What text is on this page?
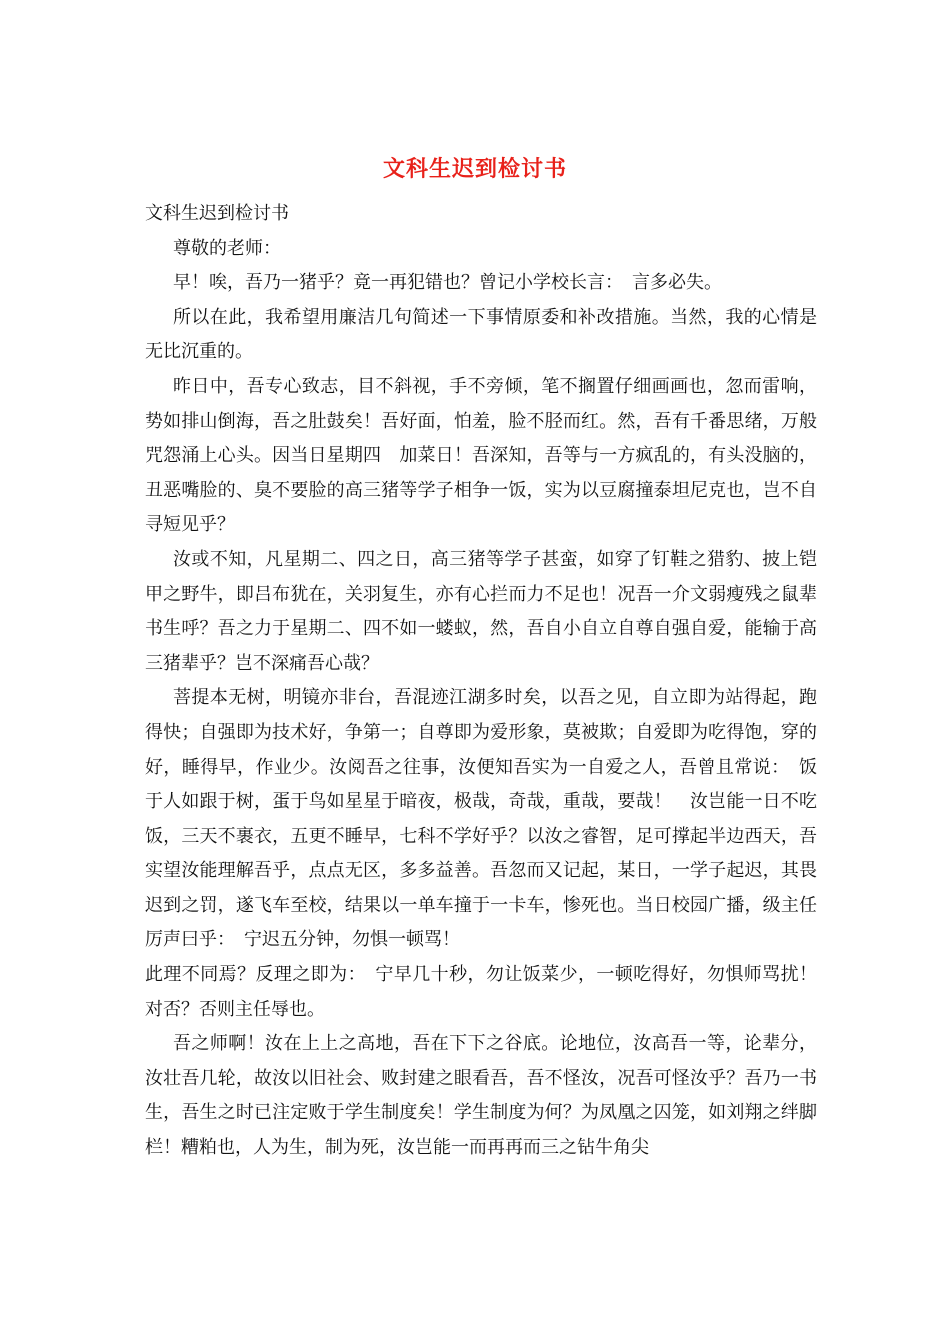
文科生迟到检讨书

文科生迟到检讨书

尊敬的老师：

早！唉，吾乃一猪乎？竟一再犯错也？曾记小学校长言：　言多必失。

所以在此，我希望用廉洁几句简述一下事情原委和补改措施。当然，我的心情是无比沉重的。

昨日中，吾专心致志，目不斜视，手不旁倾，笔不搁置仔细画画也，忽而雷响，势如排山倒海，吾之肚鼓矣！吾好面，怕羞，脸不胫而红。然，吾有千番思绪，万般咒怨涌上心头。因当日星期四　加菜日！吾深知，吾等与一方疯乱的，有头没脑的，丑恶嘴脸的、臭不要脸的高三猪等学子相争一饭，实为以豆腐撞泰坦尼克也，岂不自寻短见乎？

汝或不知，凡星期二、四之日，高三猪等学子甚蛮，如穿了钉鞋之猎豹、披上铠甲之野牛，即吕布犹在，关羽复生，亦有心拦而力不足也！况吾一介文弱瘦残之鼠辈书生呼？吾之力于星期二、四不如一蝼蚁，然，吾自小自立自尊自强自爱，能输于高三猪辈乎？岂不深痛吾心哉？

菩提本无树，明镜亦非台，吾混迹江湖多时矣，以吾之见，自立即为站得起，跑得快；自强即为技术好，争第一；自尊即为爱形象，莫被欺；自爱即为吃得饱，穿的好，睡得早，作业少。汝阅吾之往事，汝便知吾实为一自爱之人，吾曾且常说：　饭于人如跟于树，蛋于鸟如星星于暗夜，极哉，奇哉，重哉，要哉！　汝岂能一日不吃饭，三天不裹衣，五更不睡早，七科不学好乎？以汝之睿智，足可撑起半边西天，吾实望汝能理解吾乎，点点无区，多多益善。吾忽而又记起，某日，一学子起迟，其畏迟到之罚，遂飞车至校，结果以一单车撞于一卡车，惨死也。当日校园广播，级主任厉声曰乎：　宁迟五分钟，勿惧一顿骂！

此理不同焉？反理之即为：　宁早几十秒，勿让饭菜少，一顿吃得好，勿惧师骂扰！　对否？否则主任辱也。

吾之师啊！汝在上上之高地，吾在下下之谷底。论地位，汝高吾一等，论辈分，汝壮吾几轮，故汝以旧社会、败封建之眼看吾，吾不怪汝，况吾可怪汝乎？吾乃一书生，吾生之时已注定败于学生制度矣！学生制度为何？为凤凰之囚笼，如刘翔之绊脚栏！糟粕也，人为生，制为死，汝岂能一而再再而三之钻牛角尖
